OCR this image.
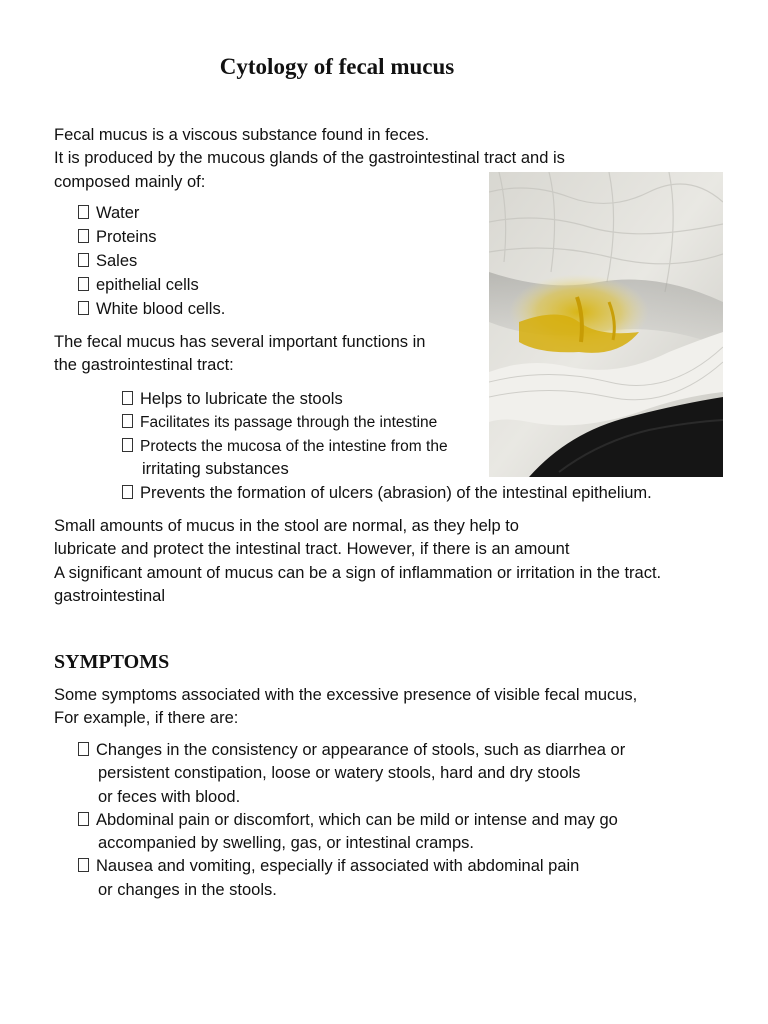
Cytology of fecal mucus

Fecal mucus is a viscous substance found in feces.
It is produced by the mucous glands of the gastrointestinal tract and is
composed mainly of:

Water
Proteins
Sales
epithelial cells
White blood cells.

The fecal mucus has several important functions in
the gastrointestinal tract:

Helps to lubricate the stools
Facilitates its passage through the intestine
Protects the mucosa of the intestine from the
irritating substances
Prevents the formation of ulcers (abrasion) of the intestinal epithelium.

Small amounts of mucus in the stool are normal, as they help to
lubricate and protect the intestinal tract. However, if there is an amount
A significant amount of mucus can be a sign of inflammation or irritation in the tract.
gastrointestinal

SYMPTOMS

Some symptoms associated with the excessive presence of visible fecal mucus,
For example, if there are:

Changes in the consistency or appearance of stools, such as diarrhea or
persistent constipation, loose or watery stools, hard and dry stools
or feces with blood.
Abdominal pain or discomfort, which can be mild or intense and may go
accompanied by swelling, gas, or intestinal cramps.
Nausea and vomiting, especially if associated with abdominal pain
or changes in the stools.
